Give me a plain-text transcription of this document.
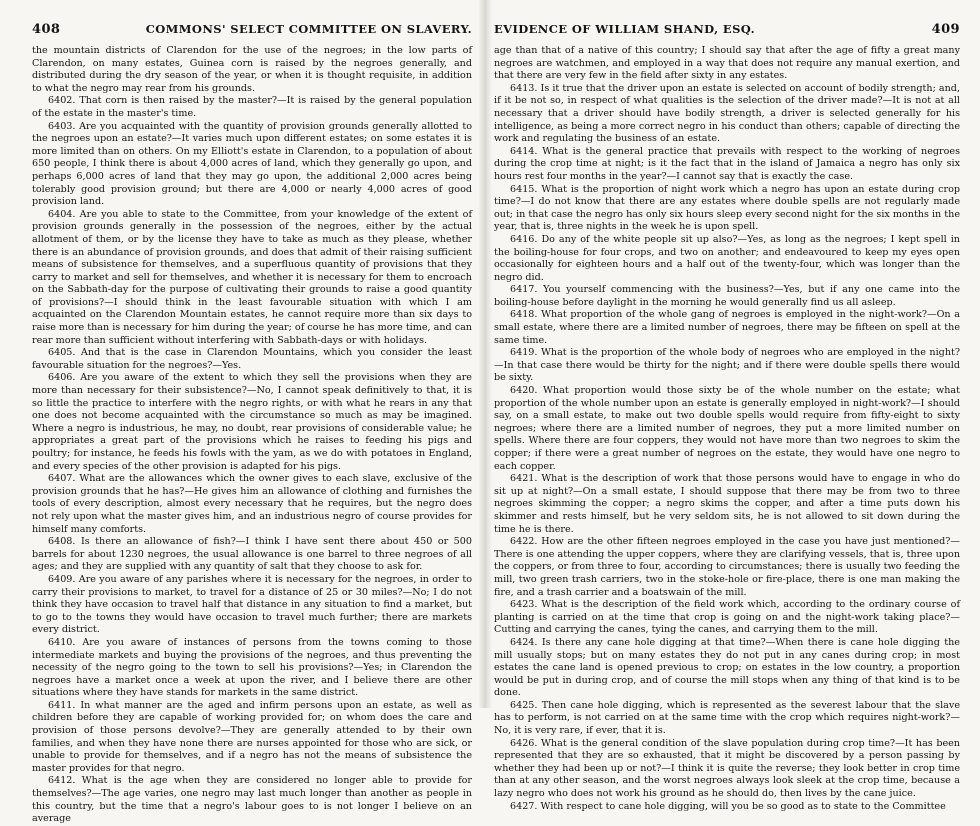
408	COMMONS' SELECT COMMITTEE ON SLAVERY.

the mountain districts of Clarendon for the use of the negroes; in the low parts of Clarendon, on many estates, Guinea corn is raised by the negroes generally, and distributed during the dry season of the year, or when it is thought requisite, in addition to what the negro may rear from his grounds.

6402. That corn is then raised by the master?—It is raised by the general population of the estate in the master's time.

6403. Are you acquainted with the quantity of provision grounds generally allotted to the negroes upon an estate?—It varies much upon different estates; on some estates it is more limited than on others. On my Elliott's estate in Clarendon, to a population of about 650 people, I think there is about 4,000 acres of land, which they generally go upon, and perhaps 6,000 acres of land that they may go upon, the additional 2,000 acres being tolerably good provision ground; but there are 4,000 or nearly 4,000 acres of good provision land.

6404. Are you able to state to the Committee, from your knowledge of the extent of provision grounds generally in the possession of the negroes, either by the actual allotment of them, or by the license they have to take as much as they please, whether there is an abundance of provision grounds, and does that admit of their raising sufficient means of subsistence for themselves, and a superfluous quantity of provisions that they carry to market and sell for themselves, and whether it is necessary for them to encroach on the Sabbath-day for the purpose of cultivating their grounds to raise a good quantity of provisions?—I should think in the least favourable situation with which I am acquainted on the Clarendon Mountain estates, he cannot require more than six days to raise more than is necessary for him during the year; of course he has more time, and can rear more than sufficient without interfering with Sabbath-days or with holidays.

6405. And that is the case in Clarendon Mountains, which you consider the least favourable situation for the negroes?—Yes.

6406. Are you aware of the extent to which they sell the provisions when they are more than necessary for their subsistence?—No, I cannot speak definitively to that, it is so little the practice to interfere with the negro rights, or with what he rears in any that one does not become acquainted with the circumstance so much as may be imagined. Where a negro is industrious, he may, no doubt, rear provisions of considerable value; he appropriates a great part of the provisions which he raises to feeding his pigs and poultry; for instance, he feeds his fowls with the yam, as we do with potatoes in England, and every species of the other provision is adapted for his pigs.

6407. What are the allowances which the owner gives to each slave, exclusive of the provision grounds that he has?—He gives him an allowance of clothing and furnishes the tools of every description, almost every necessary that he requires, but the negro does not rely upon what the master gives him, and an industrious negro of course provides for himself many comforts.

6408. Is there an allowance of fish?—I think I have sent there about 450 or 500 barrels for about 1230 negroes, the usual allowance is one barrel to three negroes of all ages; and they are supplied with any quantity of salt that they choose to ask for.

6409. Are you aware of any parishes where it is necessary for the negroes, in order to carry their provisions to market, to travel for a distance of 25 or 30 miles?—No; I do not think they have occasion to travel half that distance in any situation to find a market, but to go to the towns they would have occasion to travel much further; there are markets every district.

6410. Are you aware of instances of persons from the towns coming to those intermediate markets and buying the provisions of the negroes, and thus preventing the necessity of the negro going to the town to sell his provisions?—Yes; in Clarendon the negroes have a market once a week at upon the river, and I believe there are other situations where they have stands for markets in the same district.

6411. In what manner are the aged and infirm persons upon an estate, as well as children before they are capable of working provided for; on whom does the care and provision of those persons devolve?—They are generally attended to by their own families, and when they have none there are nurses appointed for those who are sick, or unable to provide for themselves, and if a negro has not the means of subsistence the master provides for that negro.

6412. What is the age when they are considered no longer able to provide for themselves?—The age varies, one negro may last much longer than another as people in this country, but the time that a negro's labour goes to is not longer I believe on an average

EVIDENCE OF WILLIAM SHAND, ESQ.	409

age than that of a native of this country; I should say that after the age of fifty a great many negroes are watchmen, and employed in a way that does not require any manual exertion, and that there are very few in the field after sixty in any estates.

6413. Is it true that the driver upon an estate is selected on account of bodily strength; and, if it be not so, in respect of what qualities is the selection of the driver made?—It is not at all necessary that a driver should have bodily strength, a driver is selected generally for his intelligence, as being a more correct negro in his conduct than others; capable of directing the work and regulating the business of an estate.

6414. What is the general practice that prevails with respect to the working of negroes during the crop time at night; is it the fact that in the island of Jamaica a negro has only six hours rest four months in the year?—I cannot say that is exactly the case.

6415. What is the proportion of night work which a negro has upon an estate during crop time?—I do not know that there are any estates where double spells are not regularly made out; in that case the negro has only six hours sleep every second night for the six months in the year, that is, three nights in the week he is upon spell.

6416. Do any of the white people sit up also?—Yes, as long as the negroes; I kept spell in the boiling-house for four crops, and two on another; and endeavoured to keep my eyes open occasionally for eighteen hours and a half out of the twenty-four, which was longer than the negro did.

6417. You yourself commencing with the business?—Yes, but if any one came into the boiling-house before daylight in the morning he would generally find us all asleep.

6418. What proportion of the whole gang of negroes is employed in the night-work?—On a small estate, where there are a limited number of negroes, there may be fifteen on spell at the same time.

6419. What is the proportion of the whole body of negroes who are employed in the night?—In that case there would be thirty for the night; and if there were double spells there would be sixty.

6420. What proportion would those sixty be of the whole number on the estate; what proportion of the whole number upon an estate is generally employed in night-work?—I should say, on a small estate, to make out two double spells would require from fifty-eight to sixty negroes; where there are a limited number of negroes, they put a more limited number on spells. Where there are four coppers, they would not have more than two negroes to skim the copper; if there were a great number of negroes on the estate, they would have one negro to each copper.

6421. What is the description of work that those persons would have to engage in who do sit up at night?—On a small estate, I should suppose that there may be from two to three negroes skimming the copper; a negro skims the copper, and after a time puts down his skimmer and rests himself, but he very seldom sits, he is not allowed to sit down during the time he is there.

6422. How are the other fifteen negroes employed in the case you have just mentioned?—There is one attending the upper coppers, where they are clarifying vessels, that is, three upon the coppers, or from three to four, according to circumstances; there is usually two feeding the mill, two green trash carriers, two in the stoke-hole or fire-place, there is one man making the fire, and a trash carrier and a boatswain of the mill.

6423. What is the description of the field work which, according to the ordinary course of planting is carried on at the time that crop is going on and the night-work taking place?—Cutting and carrying the canes, tying the canes, and carrying them to the mill.

6424. Is there any cane hole digging at that time?—When there is cane hole digging the mill usually stops; but on many estates they do not put in any canes during crop; in most estates the cane land is opened previous to crop; on estates in the low country, a proportion would be put in during crop, and of course the mill stops when any thing of that kind is to be done.

6425. Then cane hole digging, which is represented as the severest labour that the slave has to perform, is not carried on at the same time with the crop which requires night-work?—No, it is very rare, if ever, that it is.

6426. What is the general condition of the slave population during crop time?—It has been represented that they are so exhausted, that it might be discovered by a person passing by whether they had been up or not?—I think it is quite the reverse; they look better in crop time than at any other season, and the worst negroes always look sleek at the crop time, because a lazy negro who does not work his ground as he should do, then lives by the cane juice.

6427. With respect to cane hole digging, will you be so good as to state to the Committee
